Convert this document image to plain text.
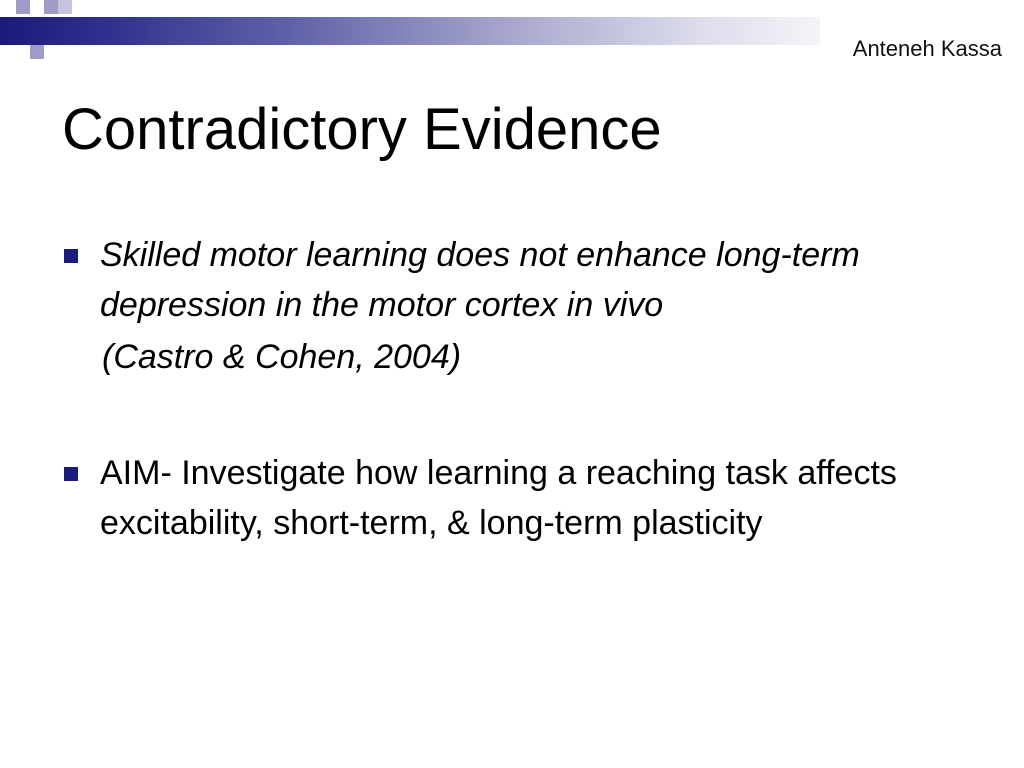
Anteneh Kassa
Contradictory Evidence

Skilled motor learning does not enhance long-term depression in the motor cortex in vivo

(Castro & Cohen, 2004)

AIM- Investigate how learning a reaching task affects excitability, short-term, & long-term plasticity
